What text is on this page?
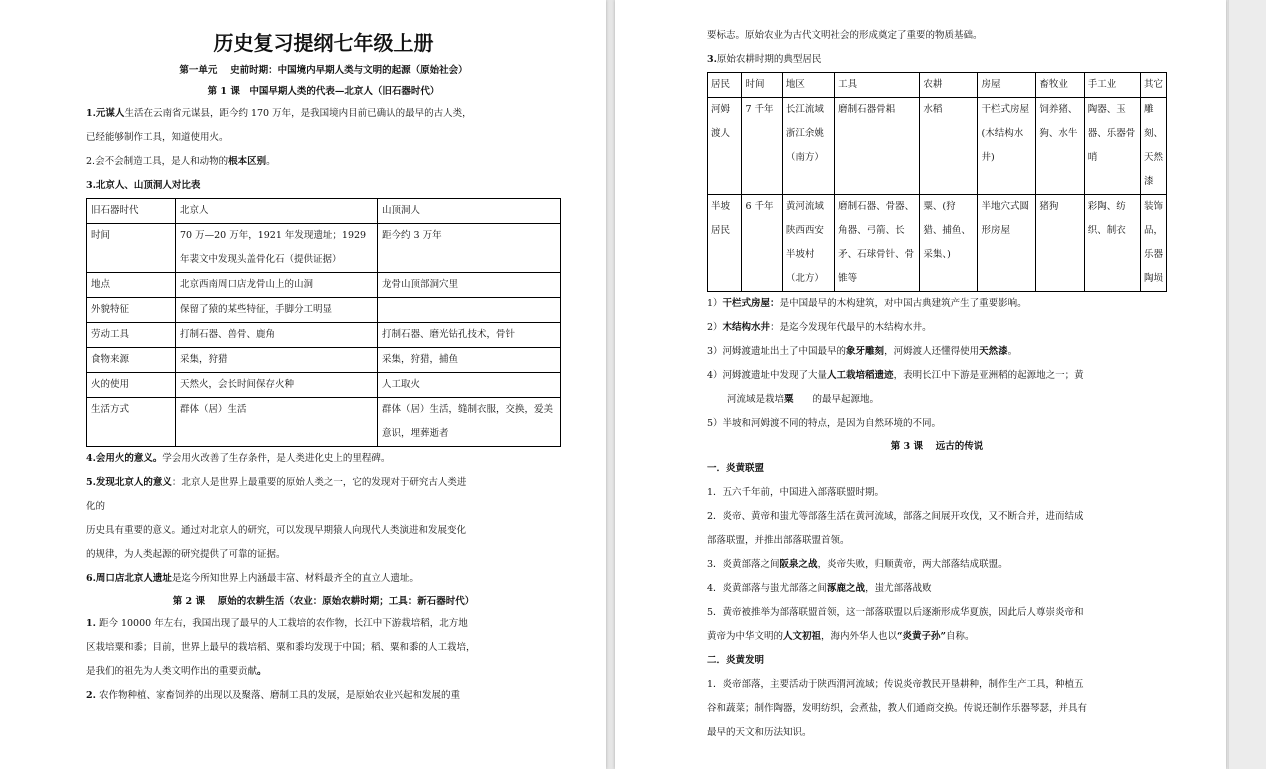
历史复习提纲七年级上册
第一单元　 史前时期：中国境内早期人类与文明的起源（原始社会）
第 1 课　中国早期人类的代表—北京人（旧石器时代）

1.元谋人生活在云南省元谋县，距今约 170 万年，是我国境内目前已确认的最早的古人类，

已经能够制作工具，知道使用火。

2.会不会制造工具，是人和动物的根本区别。

3.北京人、山顶洞人对比表

旧石器时代	北京人	山顶洞人
时间	70 万—20 万年，1921 年发现遗址；1929 年裴文中发现头盖骨化石（提供证据）	距今约 3 万年
地点	北京西南周口店龙骨山上的山洞	龙骨山顶部洞穴里
外貌特征	保留了猿的某些特征，手脚分工明显	
劳动工具	打制石器、兽骨、鹿角	打制石器、磨光钻孔技术，骨针
食物来源	采集，狩猎	采集，狩猎，捕鱼
火的使用	天然火，会长时间保存火种	人工取火
生活方式	群体（居）生活	群体（居）生活，缝制衣服，交换，爱美意识，埋葬逝者

4.会用火的意义。学会用火改善了生存条件，是人类进化史上的里程碑。

5.发现北京人的意义：北京人是世界上最重要的原始人类之一，它的发现对于研究古人类进

化的

历史具有重要的意义。通过对北京人的研究，可以发现早期猿人向现代人类演进和发展变化

的规律，为人类起源的研究提供了可靠的证据。

6.周口店北京人遗址是迄今所知世界上内涵最丰富、材料最齐全的直立人遗址。

第 2 课　 原始的农耕生活（农业：原始农耕时期；工具：新石器时代）

1. 距今 10000 年左右，我国出现了最早的人工栽培的农作物，长江中下游栽培稻，北方地

区栽培粟和黍；目前，世界上最早的栽培稻、粟和黍均发现于中国；稻、粟和黍的人工栽培，

是我们的祖先为人类文明作出的重要贡献。

2. 农作物种植、家畜饲养的出现以及聚落、磨制工具的发展，是原始农业兴起和发展的重

要标志。原始农业为古代文明社会的形成奠定了重要的物质基础。

3.原始农耕时期的典型居民

居民	时间	地区	工具	农耕	房屋	畜牧业	手工业	其它
河姆渡人	7 千年	长江流域浙江余姚（南方）	磨制石器骨耜	水稻	干栏式房屋(木结构水井)	饲养猪、狗、水牛	陶器、玉器、乐器骨哨	雕刻、天然漆
半坡居民	6 千年	黄河流域陕西西安半坡村（北方）	磨制石器、骨器、角器、弓箭、长矛、石球骨针、骨锥等	粟、(狩猎、捕鱼、采集、)	半地穴式圆形房屋	猪狗	彩陶、纺织、制衣	装饰品，乐器陶埙

1）干栏式房屋：是中国最早的木构建筑，对中国古典建筑产生了重要影响。

2）木结构水井：是迄今发现年代最早的木结构水井。

3）河姆渡遗址出土了中国最早的象牙雕刻，河姆渡人还懂得使用天然漆。

4）河姆渡遗址中发现了大量人工栽培稻遗迹，表明长江中下游是亚洲稻的起源地之一；黄

河流域是栽培粟　　的最早起源地。

5）半坡和河姆渡不同的特点，是因为自然环境的不同。

第 3 课　 远古的传说

一．炎黄联盟

1．五六千年前，中国进入部落联盟时期。

2．炎帝、黄帝和蚩尤等部落生活在黄河流域，部落之间展开攻伐，又不断合并，进而结成

部落联盟，并推出部落联盟首领。

3．炎黄部落之间阪泉之战，炎帝失败，归顺黄帝，两大部落结成联盟。

4．炎黄部落与蚩尤部落之间涿鹿之战，蚩尤部落战败

5．黄帝被推举为部落联盟首领，这一部落联盟以后逐渐形成华夏族，因此后人尊崇炎帝和

黄帝为中华文明的人文初祖，海内外华人也以“炎黄子孙”自称。

二．炎黄发明

1．炎帝部落，主要活动于陕西渭河流域；传说炎帝教民开垦耕种，制作生产工具，种植五

谷和蔬菜；制作陶器，发明纺织，会煮盐，教人们通商交换。传说还制作乐器琴瑟，并具有

最早的天文和历法知识。
